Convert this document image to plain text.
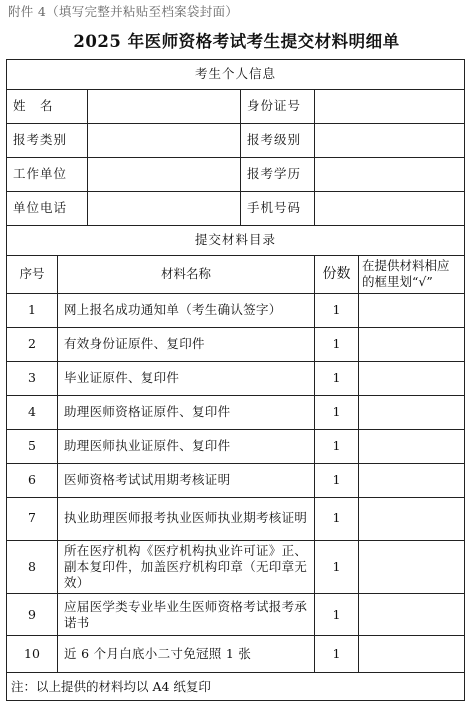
附件 4（填写完整并粘贴至档案袋封面）
2025 年医师资格考试考生提交材料明细单
考生个人信息					
姓　名			身份证号		
报考类别			报考级别		
工作单位			报考学历		
单位电话			手机号码		
提交材料目录					
序号	材料名称			份数	在提供材料相应的框里划“√”
1	网上报名成功通知单（考生确认签字）			1	
2	有效身份证原件、复印件			1	
3	毕业证原件、复印件			1	
4	助理医师资格证原件、复印件			1	
5	助理医师执业证原件、复印件			1	
6	医师资格考试试用期考核证明			1	
7	执业助理医师报考执业医师执业期考核证明			1	
8	所在医疗机构《医疗机构执业许可证》正、副本复印件，加盖医疗机构印章（无印章无效）			1	
9	应届医学类专业毕业生医师资格考试报考承诺书			1	
10	近 6 个月白底小二寸免冠照 1 张			1	
注：以上提供的材料均以 A4 纸复印					
